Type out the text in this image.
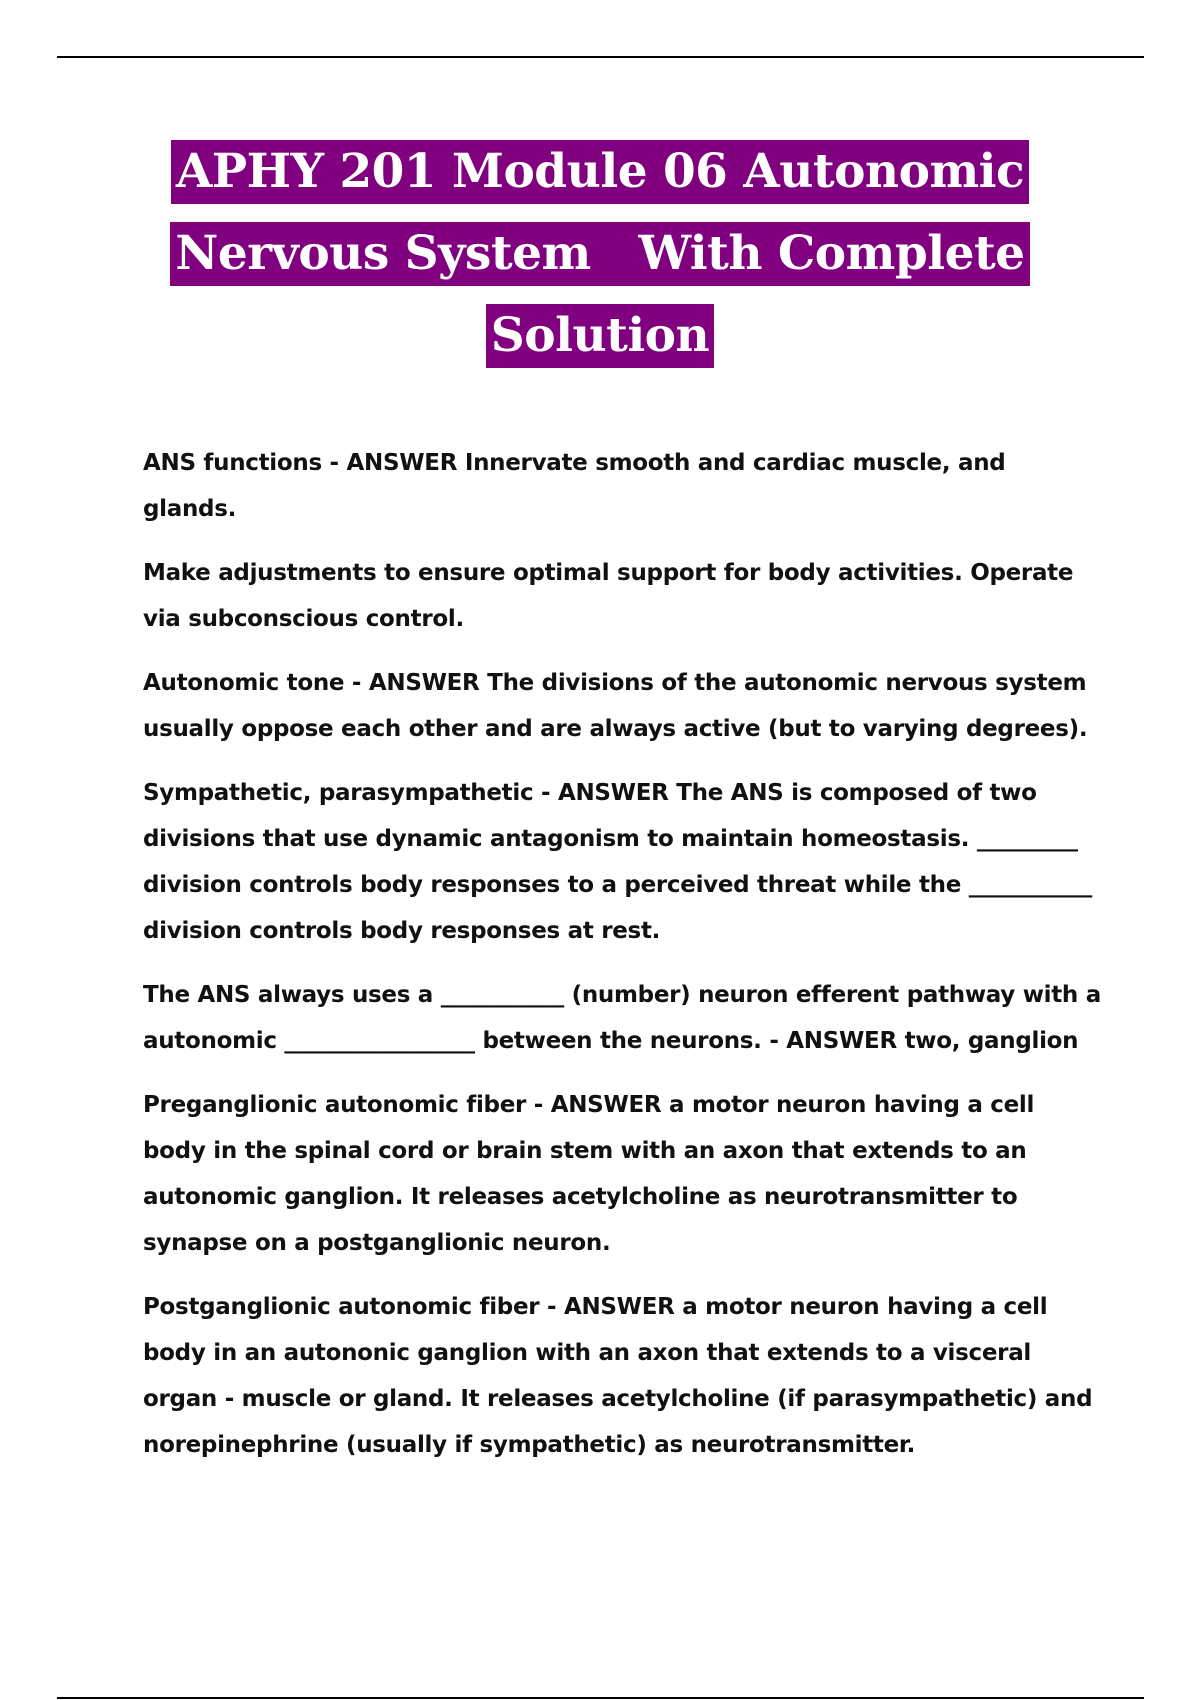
APHY 201 Module 06 Autonomic
Nervous System   With Complete
Solution

ANS functions - ANSWER Innervate smooth and cardiac muscle, and glands.

Make adjustments to ensure optimal support for body activities. Operate via subconscious control.

Autonomic tone - ANSWER The divisions of the autonomic nervous system usually oppose each other and are always active (but to varying degrees).

Sympathetic, parasympathetic - ANSWER The ANS is composed of two divisions that use dynamic antagonism to maintain homeostasis. _________ division controls body responses to a perceived threat while the ___________ division controls body responses at rest.

The ANS always uses a ___________ (number) neuron efferent pathway with a autonomic _________________ between the neurons. - ANSWER two, ganglion

Preganglionic autonomic fiber - ANSWER a motor neuron having a cell body in the spinal cord or brain stem with an axon that extends to an autonomic ganglion. It releases acetylcholine as neurotransmitter to synapse on a postganglionic neuron.

Postganglionic autonomic fiber - ANSWER a motor neuron having a cell body in an autononic ganglion with an axon that extends to a visceral organ - muscle or gland. It releases acetylcholine (if parasympathetic) and norepinephrine (usually if sympathetic) as neurotransmitter.
